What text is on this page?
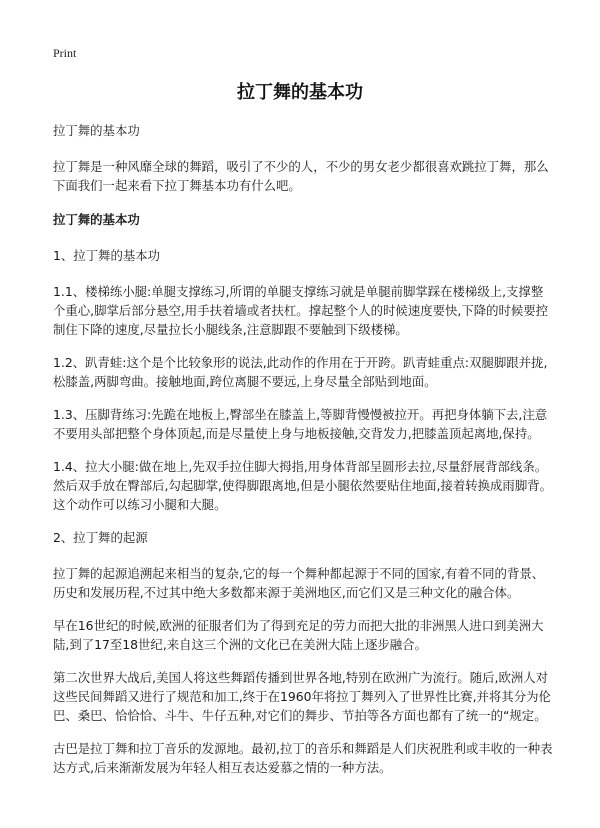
Print
拉丁舞的基本功

拉丁舞的基本功

拉丁舞是一种风靡全球的舞蹈，吸引了不少的人，不少的男女老少都很喜欢跳拉丁舞，那么下面我们一起来看下拉丁舞基本功有什么吧。

拉丁舞的基本功

1、拉丁舞的基本功

1.1、楼梯练小腿:单腿支撑练习,所谓的单腿支撑练习就是单腿前脚掌踩在楼梯级上,支撑整个重心,脚掌后部分悬空,用手扶着墙或者扶杠。撑起整个人的时候速度要快,下降的时候要控制住下降的速度,尽量拉长小腿线条,注意脚跟不要触到下级楼梯。

1.2、趴青蛙:这个是个比较象形的说法,此动作的作用在于开跨。趴青蛙重点:双腿脚跟并拢,松膝盖,两脚弯曲。接触地面,跨位离腿不要远,上身尽量全部贴到地面。

1.3、压脚背练习:先跪在地板上,臀部坐在膝盖上,等脚背慢慢被拉开。再把身体躺下去,注意不要用头部把整个身体顶起,而是尽量使上身与地板接触,交背发力,把膝盖顶起离地,保持。

1.4、拉大小腿:做在地上,先双手拉住脚大拇指,用身体背部呈圆形去拉,尽量舒展背部线条。然后双手放在臀部后,勾起脚掌,使得脚跟离地,但是小腿依然要贴住地面,接着转换成雨脚背。这个动作可以练习小腿和大腿。

2、拉丁舞的起源

拉丁舞的起源追溯起来相当的复杂,它的每一个舞种都起源于不同的国家,有着不同的背景、历史和发展历程,不过其中绝大多数都来源于美洲地区,而它们又是三种文化的融合体。

早在16世纪的时候,欧洲的征服者们为了得到充足的劳力而把大批的非洲黑人进口到美洲大陆,到了17至18世纪,来自这三个洲的文化已在美洲大陆上逐步融合。

第二次世界大战后,美国人将这些舞蹈传播到世界各地,特别在欧洲广为流行。随后,欧洲人对这些民间舞蹈又进行了规范和加工,终于在1960年将拉丁舞列入了世界性比赛,并将其分为伦巴、桑巴、恰恰恰、斗牛、牛仔五种,对它们的舞步、节拍等各方面也都有了统一的“规定。

古巴是拉丁舞和拉丁音乐的发源地。最初,拉丁的音乐和舞蹈是人们庆祝胜利或丰收的一种表达方式,后来渐渐发展为年轻人相互表达爱慕之情的一种方法。
